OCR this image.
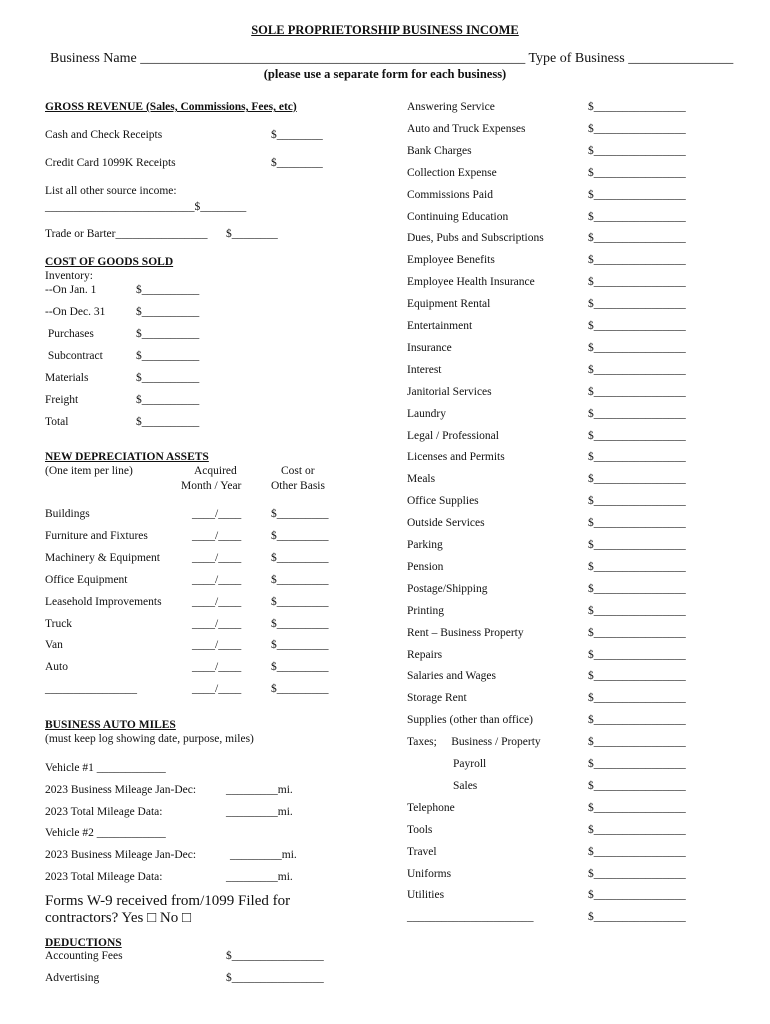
SOLE PROPRIETORSHIP BUSINESS INCOME
Business Name _______________________________________________________ Type of Business _______________
(please use a separate form for each business)
GROSS REVENUE (Sales, Commissions, Fees, etc)
Cash and Check Receipts	$________
Credit Card 1099K Receipts	$________
List all other source income:
__________________________$________
Trade or Barter________________ $________
COST OF GOODS SOLD
Inventory:
--On Jan. 1	$__________
--On Dec. 31	$__________
Purchases	$__________
Subcontract	$__________
Materials	$__________
Freight	$__________
Total	$__________
NEW DEPRECIATION ASSETS
(One item per line)	Acquired
Month / Year
Cost or
Other Basis
Buildings	____/____	$_________
Furniture and Fixtures	____/____	$_________
Machinery & Equipment	____/____	$_________
Office Equipment	____/____	$_________
Leasehold Improvements	____/____	$_________
Truck	____/____	$_________
Van	____/____	$_________
Auto	____/____	$_________
________________	____/____	$_________
BUSINESS AUTO MILES
(must keep log showing date, purpose, miles)
Vehicle #1 ____________
2023 Business Mileage Jan-Dec:	_________mi.
2023 Total Mileage Data:	_________mi.
Vehicle #2 ____________
2023 Business Mileage Jan-Dec:	_________mi.
2023 Total Mileage Data:	_________mi.
Forms W-9 received from/1099 Filed for
contractors? Yes □ No □
DEDUCTIONS
Accounting Fees	$________________
Advertising	$________________
Answering Service	$________________
Auto and Truck Expenses	$________________
Bank Charges	$________________
Collection Expense	$________________
Commissions Paid	$________________
Continuing Education	$________________
Dues, Pubs and Subscriptions	$________________
Employee Benefits	$________________
Employee Health Insurance	$________________
Equipment Rental	$________________
Entertainment	$________________
Insurance	$________________
Interest	$________________
Janitorial Services	$________________
Laundry	$________________
Legal / Professional	$________________
Licenses and Permits	$________________
Meals	$________________
Office Supplies	$________________
Outside Services	$________________
Parking	$________________
Pension	$________________
Postage/Shipping	$________________
Printing	$________________
Rent – Business Property	$________________
Repairs	$________________
Salaries and Wages	$________________
Storage Rent	$________________
Supplies (other than office)	$________________
Taxes;     Business / Property	$________________
Payroll	$________________
Sales	$________________
Telephone	$________________
Tools	$________________
Travel	$________________
Uniforms	$________________
Utilities	$________________
______________________	$________________
